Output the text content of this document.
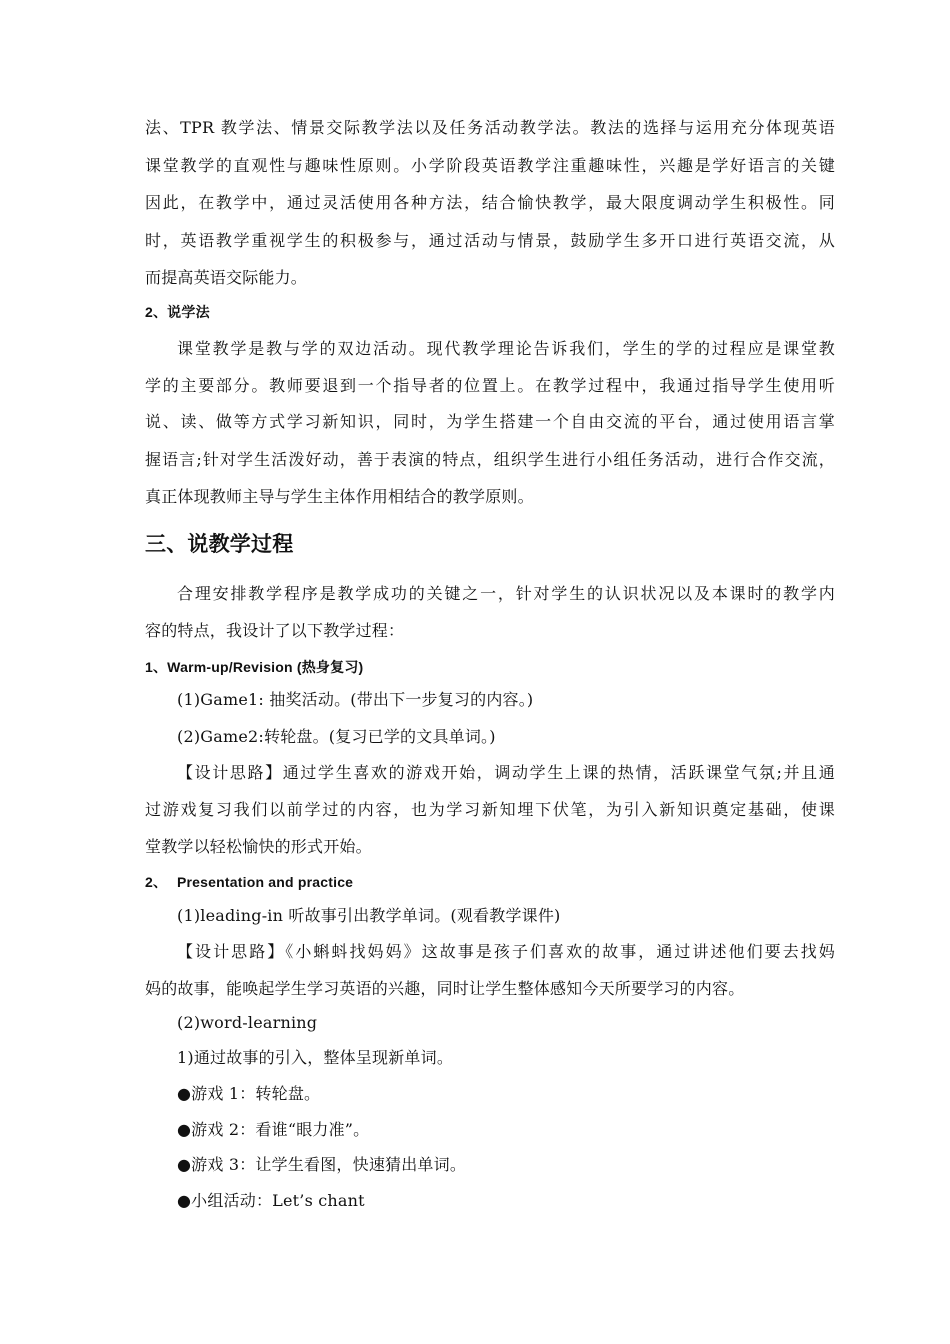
法、TPR 教学法、情景交际教学法以及任务活动教学法。教法的选择与运用充分体现英语
课堂教学的直观性与趣味性原则。小学阶段英语教学注重趣味性，兴趣是学好语言的关键
因此，在教学中，通过灵活使用各种方法，结合愉快教学，最大限度调动学生积极性。同
时，英语教学重视学生的积极参与，通过活动与情景，鼓励学生多开口进行英语交流，从
而提高英语交际能力。
2、说学法
课堂教学是教与学的双边活动。现代教学理论告诉我们，学生的学的过程应是课堂教
学的主要部分。教师要退到一个指导者的位置上。在教学过程中，我通过指导学生使用听
说、读、做等方式学习新知识，同时，为学生搭建一个自由交流的平台，通过使用语言掌
握语言;针对学生活泼好动，善于表演的特点，组织学生进行小组任务活动，进行合作交流，
真正体现教师主导与学生主体作用相结合的教学原则。
三、说教学过程
合理安排教学程序是教学成功的关键之一，针对学生的认识状况以及本课时的教学内
容的特点，我设计了以下教学过程：
1、Warm-up/Revision (热身复习)
(1)Game1: 抽奖活动。(带出下一步复习的内容。)
(2)Game2:转轮盘。(复习已学的文具单词。)
【设计思路】通过学生喜欢的游戏开始，调动学生上课的热情，活跃课堂气氛;并且通
过游戏复习我们以前学过的内容，也为学习新知埋下伏笔，为引入新知识奠定基础，使课
堂教学以轻松愉快的形式开始。
2、 Presentation and practice
(1)leading-in 听故事引出教学单词。(观看教学课件)
【设计思路】《小蝌蚪找妈妈》这故事是孩子们喜欢的故事，通过讲述他们要去找妈
妈的故事，能唤起学生学习英语的兴趣，同时让学生整体感知今天所要学习的内容。
(2)word-learning
1)通过故事的引入，整体呈现新单词。
●游戏 1：转轮盘。
●游戏 2：看谁“眼力准”。
●游戏 3：让学生看图，快速猜出单词。
●小组活动：Let’s chant
